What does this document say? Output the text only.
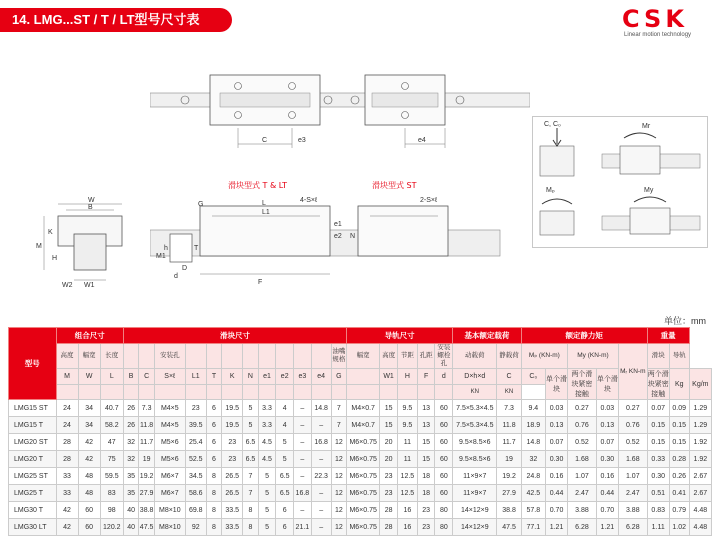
14. LMG...ST / T / LT型号尺寸表	CSK
Linear motion technology
C	e3	e4
C, C₀	Mr
Mₚ	My
W
B
K
M
H
W2 W1
滑块型式 T & LT	滑块型式 ST
G	L
L1
4-S×ℓ	2-S×ℓ
e1
e2 N
T
F
M1
h
d
D
单位：mm
型号	组合尺寸			滑块尺寸												导轨尺寸					基本额定载荷		额定静力矩					重量		
	高度	幅宽	长度			安装孔									油嘴规格	幅宽	高度	节距	孔距	安装螺栓孔	动载荷	静载荷	Mₚ (KN-m)		My (KN-m)		Mᵣ KN-m	滑块	导轨	
	M	W	L	B	C	S×ℓ	L1	T	K	N	e1	e2	e3	e4	G		W1	H	F	d	D×h×d	C	C₀	单个滑块	两个滑块紧密接触	单个滑块		两个滑块紧密接触	Kg	Kg/m
																					KN	KN								
LMG15 ST	24	34	40.7	26	7.3	M4×5	23	6	19.5	5	3.3	4	–	14.8	7	M4×0.7	15	9.5	13	60	7.5×5.3×4.5	7.3	9.4	0.03	0.27	0.03	0.27	0.07	0.09	1.29
LMG15 T	24	34	58.2	26	11.8	M4×5	39.5	6	19.5	5	3.3	4	–	–	7	M4×0.7	15	9.5	13	60	7.5×5.3×4.5	11.8	18.9	0.13	0.76	0.13	0.76	0.15	0.15	1.29
LMG20 ST	28	42	47	32	11.7	M5×6	25.4	6	23	6.5	4.5	5	–	16.8	12	M6×0.75	20	11	15	60	9.5×8.5×6	11.7	14.8	0.07	0.52	0.07	0.52	0.15	0.15	1.92
LMG20 T	28	42	75	32	19	M5×6	52.5	6	23	6.5	4.5	5	–	–	12	M6×0.75	20	11	15	60	9.5×8.5×6	19	32	0.30	1.68	0.30	1.68	0.33	0.28	1.92
LMG25 ST	33	48	59.5	35	19.2	M6×7	34.5	8	26.5	7	5	6.5	–	22.3	12	M6×0.75	23	12.5	18	60	11×9×7	19.2	24.8	0.16	1.07	0.16	1.07	0.30	0.26	2.67
LMG25 T	33	48	83	35	27.9	M6×7	58.6	8	26.5	7	5	6.5	16.8	–	12	M6×0.75	23	12.5	18	60	11×9×7	27.9	42.5	0.44	2.47	0.44	2.47	0.51	0.41	2.67
LMG30 T	42	60	98	40	38.8	M8×10	69.8	8	33.5	8	5	6	–	–	12	M6×0.75	28	16	23	80	14×12×9	38.8	57.8	0.70	3.88	0.70	3.88	0.83	0.79	4.48
LMG30 LT	42	60	120.2	40	47.5	M8×10	92	8	33.5	8	5	6	21.1	–	12	M6×0.75	28	16	23	80	14×12×9	47.5	77.1	1.21	6.28	1.21	6.28	1.11	1.02	4.48
